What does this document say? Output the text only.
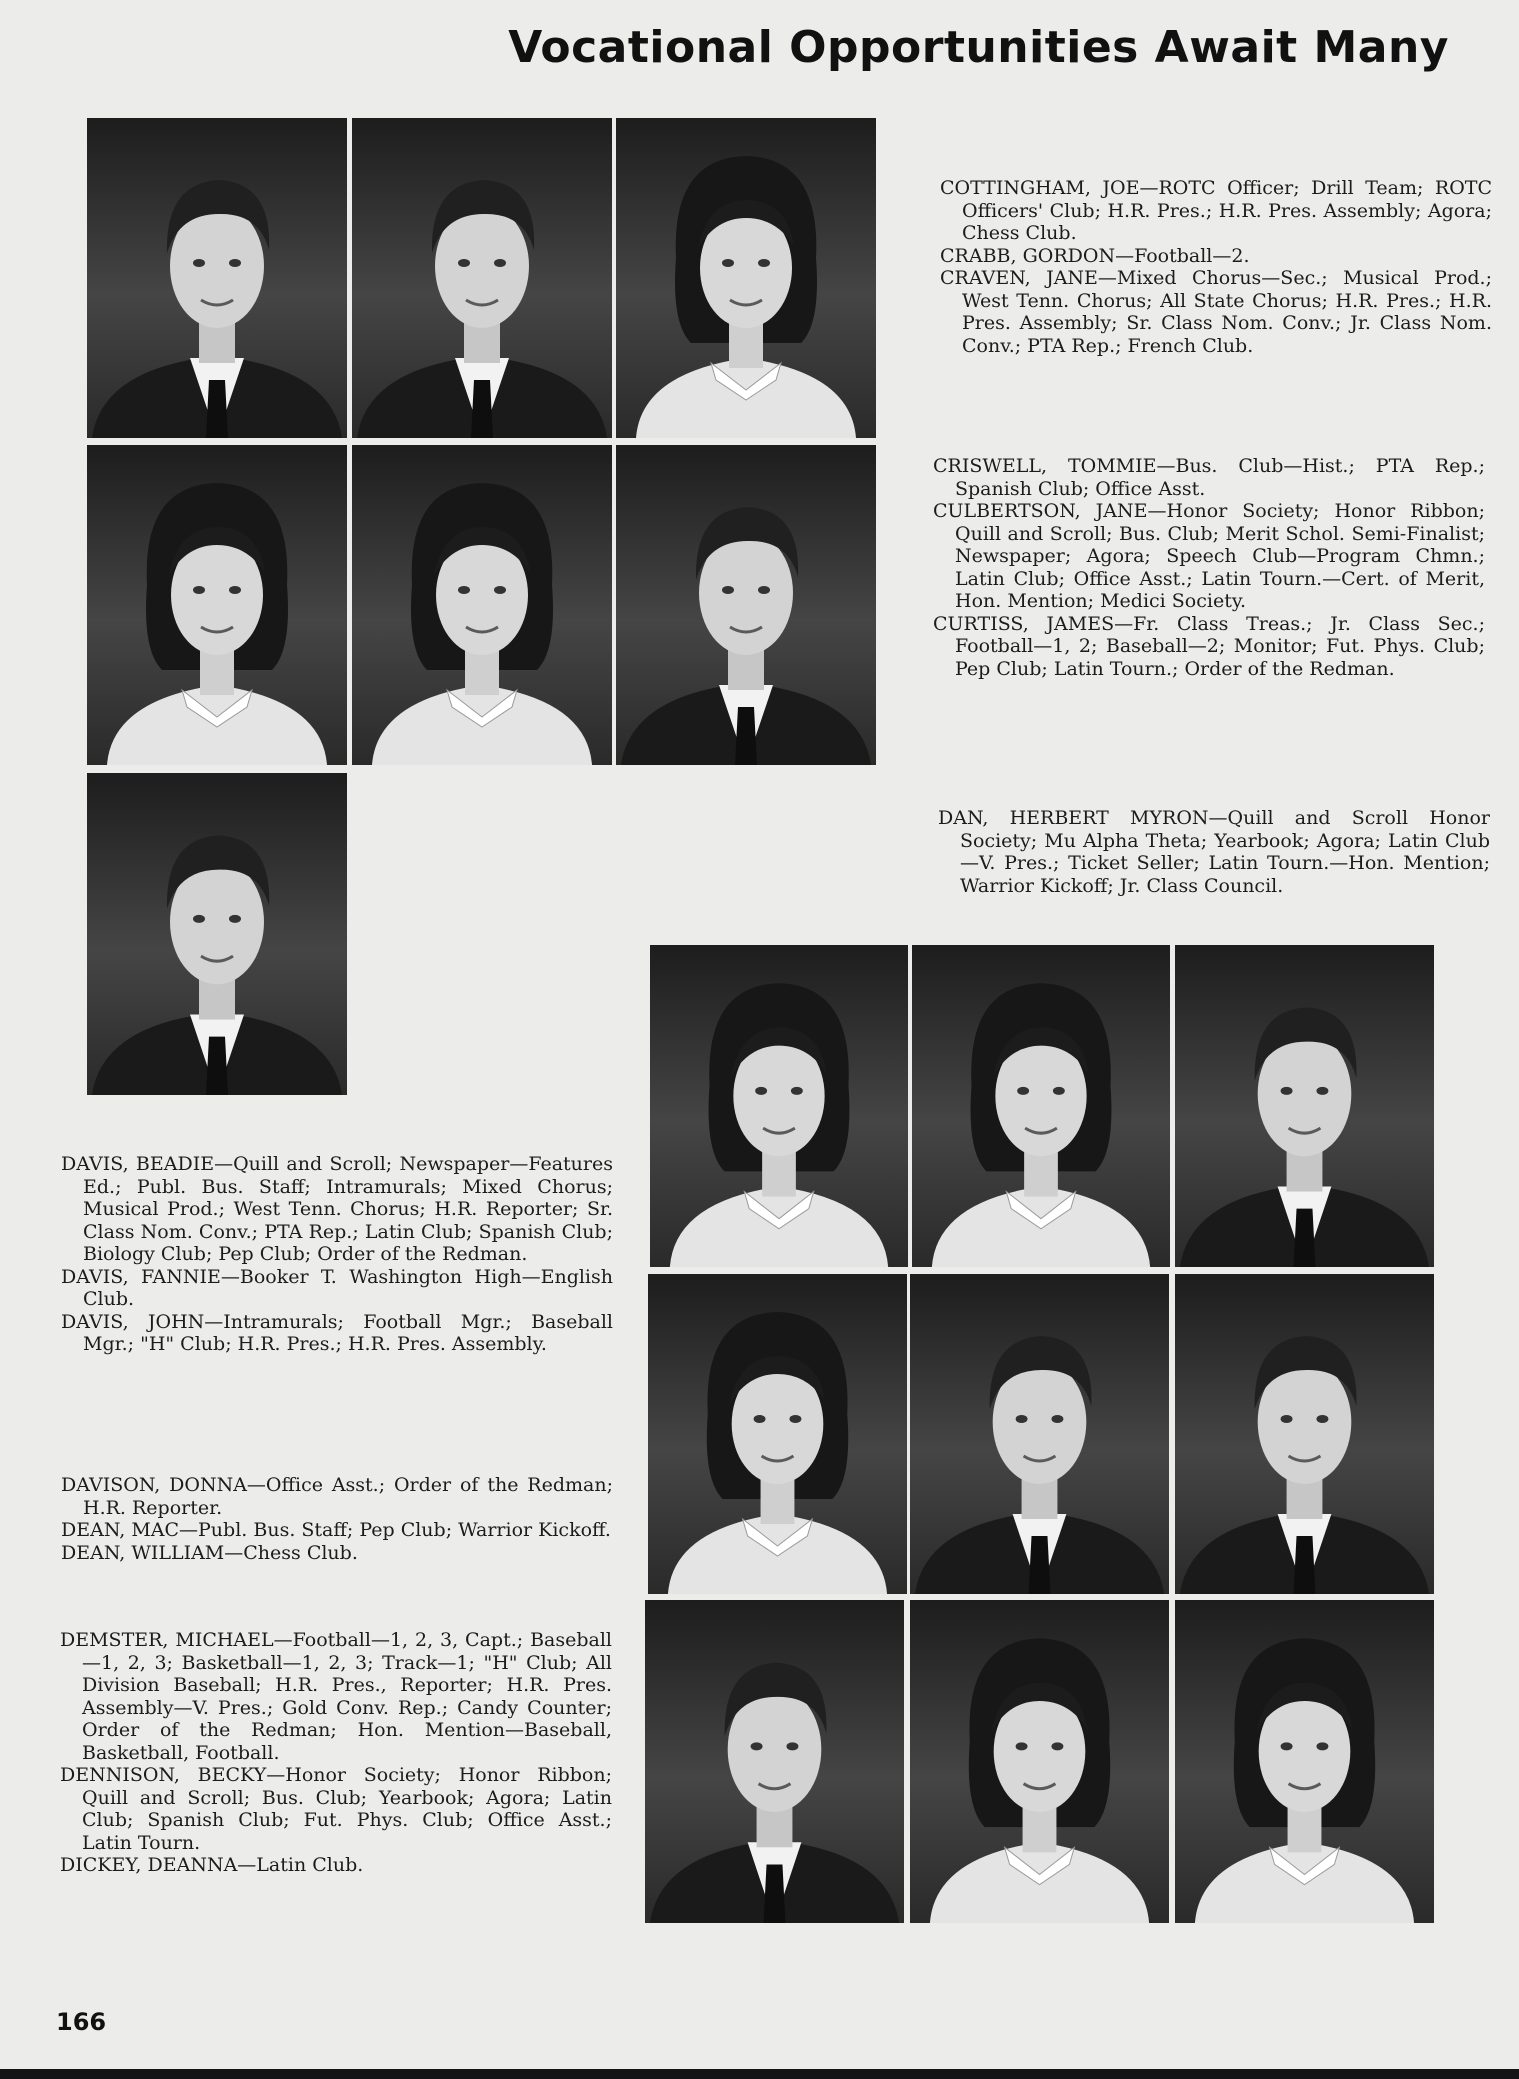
Vocational Opportunities Await Many

COTTINGHAM, JOE—ROTC Officer; Drill Team; ROTC Officers' Club; H.R. Pres.; H.R. Pres. Assembly; Agora; Chess Club.

CRABB, GORDON—Football—2.

CRAVEN, JANE—Mixed Chorus—Sec.; Musical Prod.; West Tenn. Chorus; All State Chorus; H.R. Pres.; H.R. Pres. Assembly; Sr. Class Nom. Conv.; Jr. Class Nom. Conv.; PTA Rep.; French Club.

CRISWELL, TOMMIE—Bus. Club—Hist.; PTA Rep.; Spanish Club; Office Asst.

CULBERTSON, JANE—Honor Society; Honor Ribbon; Quill and Scroll; Bus. Club; Merit Schol. Semi-Finalist; Newspaper; Agora; Speech Club—Program Chmn.; Latin Club; Office Asst.; Latin Tourn.—Cert. of Merit, Hon. Mention; Medici Society.

CURTISS, JAMES—Fr. Class Treas.; Jr. Class Sec.; Football—1, 2; Baseball—2; Monitor; Fut. Phys. Club; Pep Club; Latin Tourn.; Order of the Redman.

DAN, HERBERT MYRON—Quill and Scroll Honor Society; Mu Alpha Theta; Yearbook; Agora; Latin Club—V. Pres.; Ticket Seller; Latin Tourn.—Hon. Mention; Warrior Kickoff; Jr. Class Council.

DAVIS, BEADIE—Quill and Scroll; Newspaper—Features Ed.; Publ. Bus. Staff; Intramurals; Mixed Chorus; Musical Prod.; West Tenn. Chorus; H.R. Reporter; Sr. Class Nom. Conv.; PTA Rep.; Latin Club; Spanish Club; Biology Club; Pep Club; Order of the Redman.

DAVIS, FANNIE—Booker T. Washington High—English Club.

DAVIS, JOHN—Intramurals; Football Mgr.; Baseball Mgr.; "H" Club; H.R. Pres.; H.R. Pres. Assembly.

DAVISON, DONNA—Office Asst.; Order of the Redman; H.R. Reporter.

DEAN, MAC—Publ. Bus. Staff; Pep Club; Warrior Kickoff.

DEAN, WILLIAM—Chess Club.

DEMSTER, MICHAEL—Football—1, 2, 3, Capt.; Baseball—1, 2, 3; Basketball—1, 2, 3; Track—1; "H" Club; All Division Baseball; H.R. Pres., Reporter; H.R. Pres. Assembly—V. Pres.; Gold Conv. Rep.; Candy Counter; Order of the Redman; Hon. Mention—Baseball, Basketball, Football.

DENNISON, BECKY—Honor Society; Honor Ribbon; Quill and Scroll; Bus. Club; Yearbook; Agora; Latin Club; Spanish Club; Fut. Phys. Club; Office Asst.; Latin Tourn.

DICKEY, DEANNA—Latin Club.

166
